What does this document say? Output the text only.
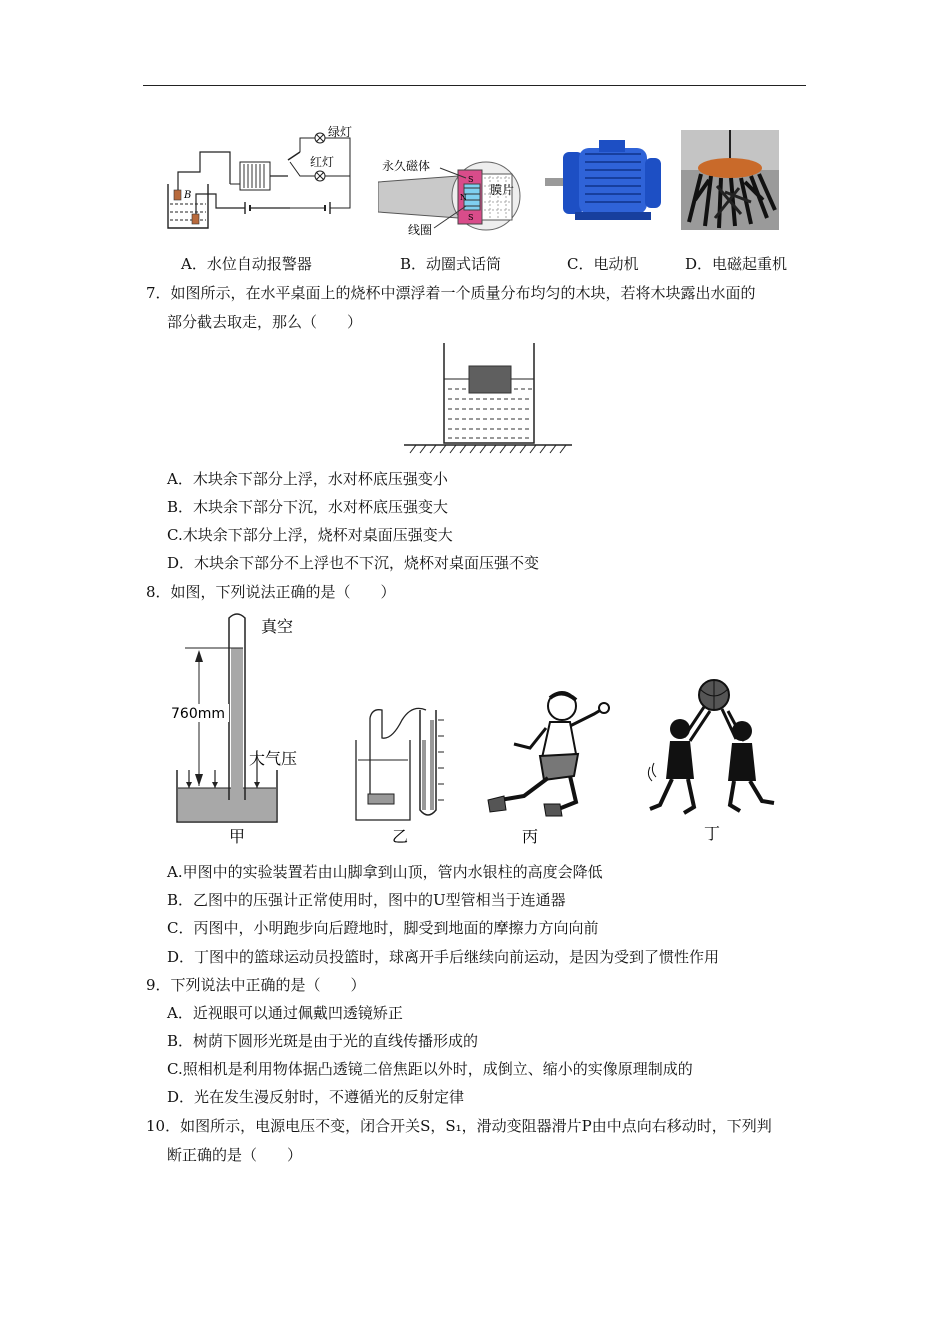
B
绿灯
红灯
S
S
N
永久磁体
膜片
线圈
A．水位自动报警器	B．动圈式话筒	C．电动机	D．电磁起重机
7．如图所示，在水平桌面上的烧杯中漂浮着一个质量分布均匀的木块，若将木块露出水面的
部分截去取走，那么（　　）
A．木块余下部分上浮，水对杯底压强变小
B．木块余下部分下沉，水对杯底压强变大
C.木块余下部分上浮，烧杯对桌面压强变大
D．木块余下部分不上浮也不下沉，烧杯对桌面压强不变
8．如图，下列说法正确的是（　　）
760mm
真空
大气压
甲	乙	丙	丁
A.甲图中的实验装置若由山脚拿到山顶，管内水银柱的高度会降低
B．乙图中的压强计正常使用时，图中的U型管相当于连通器
C．丙图中，小明跑步向后蹬地时，脚受到地面的摩擦力方向向前
D．丁图中的篮球运动员投篮时，球离开手后继续向前运动，是因为受到了惯性作用
9．下列说法中正确的是（　　）
A．近视眼可以通过佩戴凹透镜矫正
B．树荫下圆形光斑是由于光的直线传播形成的
C.照相机是利用物体据凸透镜二倍焦距以外时，成倒立、缩小的实像原理制成的
D．光在发生漫反射时，不遵循光的反射定律
10．如图所示，电源电压不变，闭合开关S，S₁，滑动变阻器滑片P由中点向右移动时，下列判
断正确的是（　　）
